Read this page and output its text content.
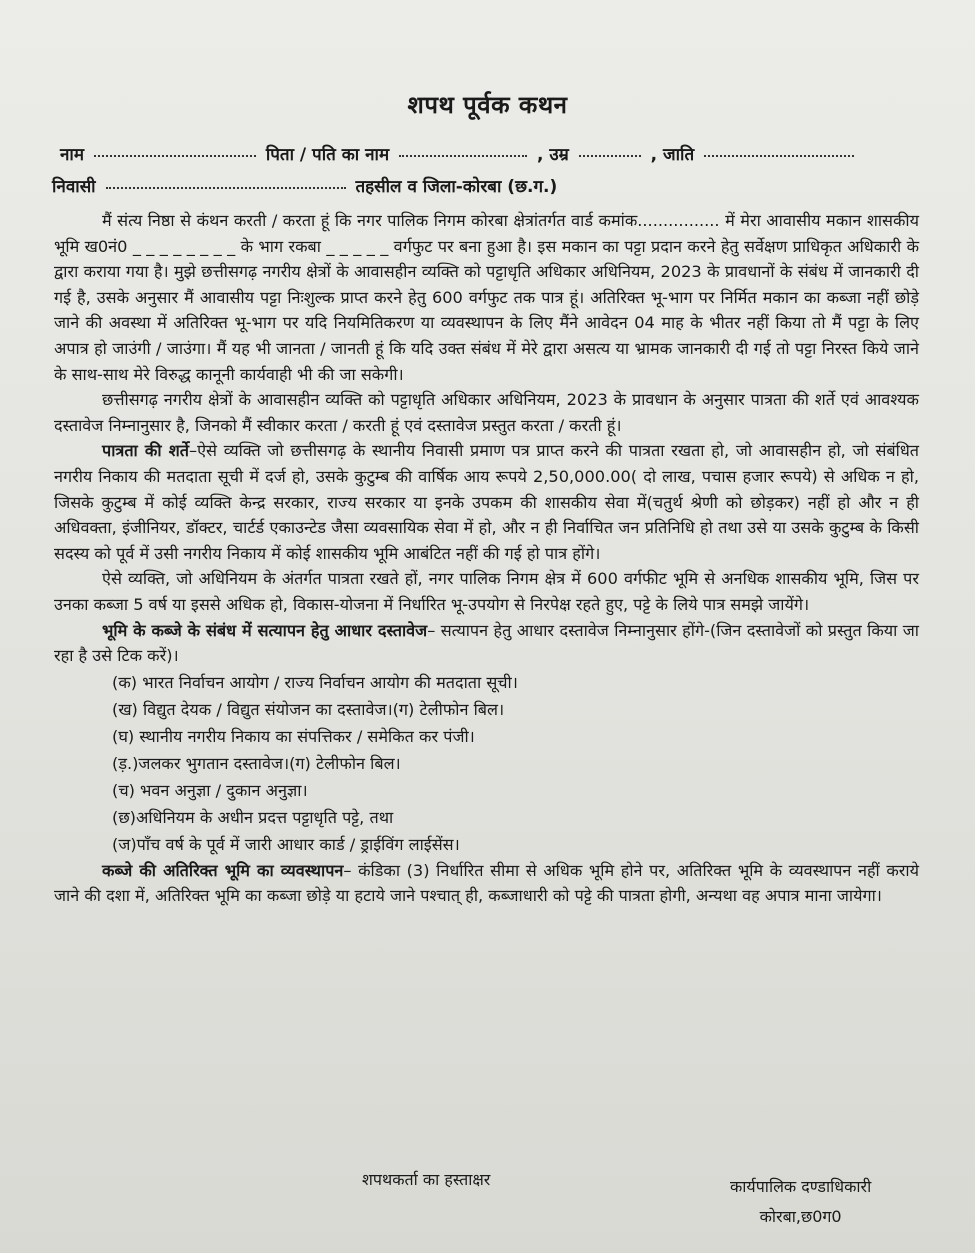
शपथ पूर्वक कथन
नाम	पिता / पति का नाम	, उम्र	, जाति
निवासी	तहसील व जिला-कोरबा (छ.ग.)

मैं संत्य निष्ठा से कंथन करती / करता हूं कि नगर पालिक निगम कोरबा क्षेत्रांतर्गत वार्ड कमांक................ में मेरा आवासीय मकान शासकीय भूमि ख0नं0 _ _ _ _ _ _ _ _ के भाग रकबा _ _ _ _ _ वर्गफुट पर बना हुआ है। इस मकान का पट्टा प्रदान करने हेतु सर्वेक्षण प्राधिकृत अधिकारी के द्वारा कराया गया है। मुझे छत्तीसगढ़ नगरीय क्षेत्रों के आवासहीन व्यक्ति को पट्टाधृति अधिकार अधिनियम, 2023 के प्रावधानों के संबंध में जानकारी दी गई है, उसके अनुसार मैं आवासीय पट्टा निःशुल्क प्राप्त करने हेतु 600 वर्गफुट तक पात्र हूं। अतिरिक्त भू-भाग पर निर्मित मकान का कब्जा नहीं छोड़े जाने की अवस्था में अतिरिक्त भू-भाग पर यदि नियमितिकरण या व्यवस्थापन के लिए मैंने आवेदन 04 माह के भीतर नहीं किया तो मैं पट्टा के लिए अपात्र हो जाउंगी / जाउंगा। मैं यह भी जानता / जानती हूं कि यदि उक्त संबंध में मेरे द्वारा असत्य या भ्रामक जानकारी दी गई तो पट्टा निरस्त किये जाने के साथ-साथ मेरे विरुद्ध कानूनी कार्यवाही भी की जा सकेगी।

छत्तीसगढ़ नगरीय क्षेत्रों के आवासहीन व्यक्ति को पट्टाधृति अधिकार अधिनियम, 2023 के प्रावधान के अनुसार पात्रता की शर्ते एवं आवश्यक दस्तावेज निम्नानुसार है, जिनको मैं स्वीकार करता / करती हूं एवं दस्तावेज प्रस्तुत करता / करती हूं।

पात्रता की शर्ते–ऐसे व्यक्ति जो छत्तीसगढ़ के स्थानीय निवासी प्रमाण पत्र प्राप्त करने की पात्रता रखता हो, जो आवासहीन हो, जो संबंधित नगरीय निकाय की मतदाता सूची में दर्ज हो, उसके कुटुम्ब की वार्षिक आय रूपये 2,50,000.00( दो लाख, पचास हजार रूपये) से अधिक न हो, जिसके कुटुम्ब में कोई व्यक्ति केन्द्र सरकार, राज्य सरकार या इनके उपकम की शासकीय सेवा में(चतुर्थ श्रेणी को छोड़कर) नहीं हो और न ही अधिवक्ता, इंजीनियर, डॉक्टर, चार्टर्ड एकाउन्टेड जैसा व्यवसायिक सेवा में हो, और न ही निर्वाचित जन प्रतिनिधि हो तथा उसे या उसके कुटुम्ब के किसी सदस्य को पूर्व में उसी नगरीय निकाय में कोई शासकीय भूमि आबंटित नहीं की गई हो पात्र होंगे।

ऐसे व्यक्ति, जो अधिनियम के अंतर्गत पात्रता रखते हों, नगर पालिक निगम क्षेत्र में 600 वर्गफीट भूमि से अनधिक शासकीय भूमि, जिस पर उनका कब्जा 5 वर्ष या इससे अधिक हो, विकास-योजना में निर्धारित भू-उपयोग से निरपेक्ष रहते हुए, पट्टे के लिये पात्र समझे जायेंगे।

भूमि के कब्जे के संबंध में सत्यापन हेतु आधार दस्तावेज– सत्यापन हेतु आधार दस्तावेज निम्नानुसार होंगे-(जिन दस्तावेजों को प्रस्तुत किया जा रहा है उसे टिक करें)।

(क) भारत निर्वाचन आयोग / राज्य निर्वाचन आयोग की मतदाता सूची।
(ख) विद्युत देयक / विद्युत संयोजन का दस्तावेज।(ग) टेलीफोन बिल।
(घ) स्थानीय नगरीय निकाय का संपत्तिकर / समेकित कर पंजी।
(ड़.)जलकर भुगतान दस्तावेज।(ग) टेलीफोन बिल।
(च) भवन अनुज्ञा / दुकान अनुज्ञा।
(छ)अधिनियम के अधीन प्रदत्त पट्टाधृति पट्टे, तथा
(ज)पाँच वर्ष के पूर्व में जारी आधार कार्ड / ड्राईविंग लाईसेंस।

कब्जे की अतिरिक्त भूमि का व्यवस्थापन– कंडिका (3) निर्धारित सीमा से अधिक भूमि होने पर, अतिरिक्त भूमि के व्यवस्थापन नहीं कराये जाने की दशा में, अतिरिक्त भूमि का कब्जा छोड़े या हटाये जाने पश्चात् ही, कब्जाधारी को पट्टे की पात्रता होगी, अन्यथा वह अपात्र माना जायेगा।

शपथकर्ता का हस्ताक्षर	कार्यपालिक दण्डाधिकारी
कोरबा,छ0ग0
